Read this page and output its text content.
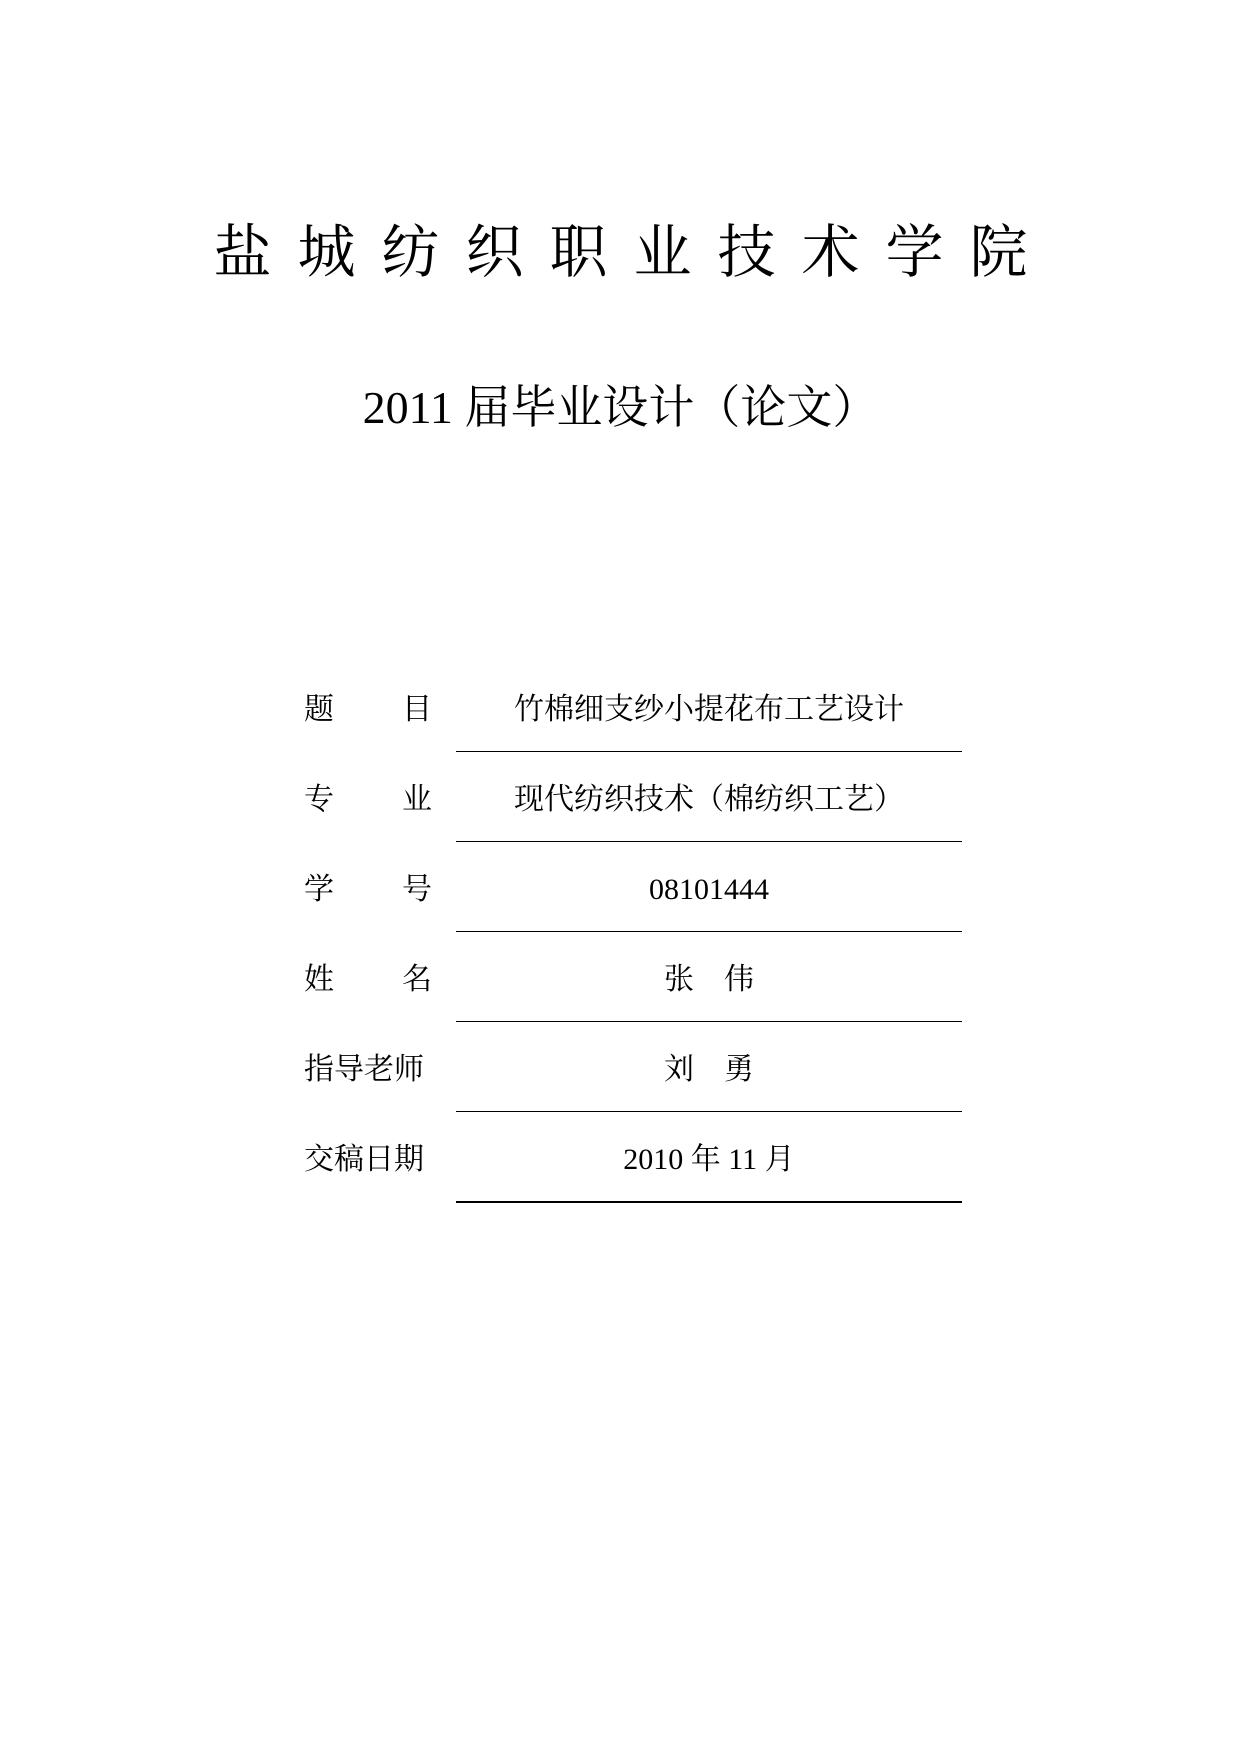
盐城纺织职业技术学院
2011 届毕业设计（论文）
题 目	竹棉细支纱小提花布工艺设计
专 业	现代纺织技术（棉纺织工艺）
学 号	08101444
姓 名	张    伟
指导老师	刘    勇
交稿日期	2010 年 11 月
